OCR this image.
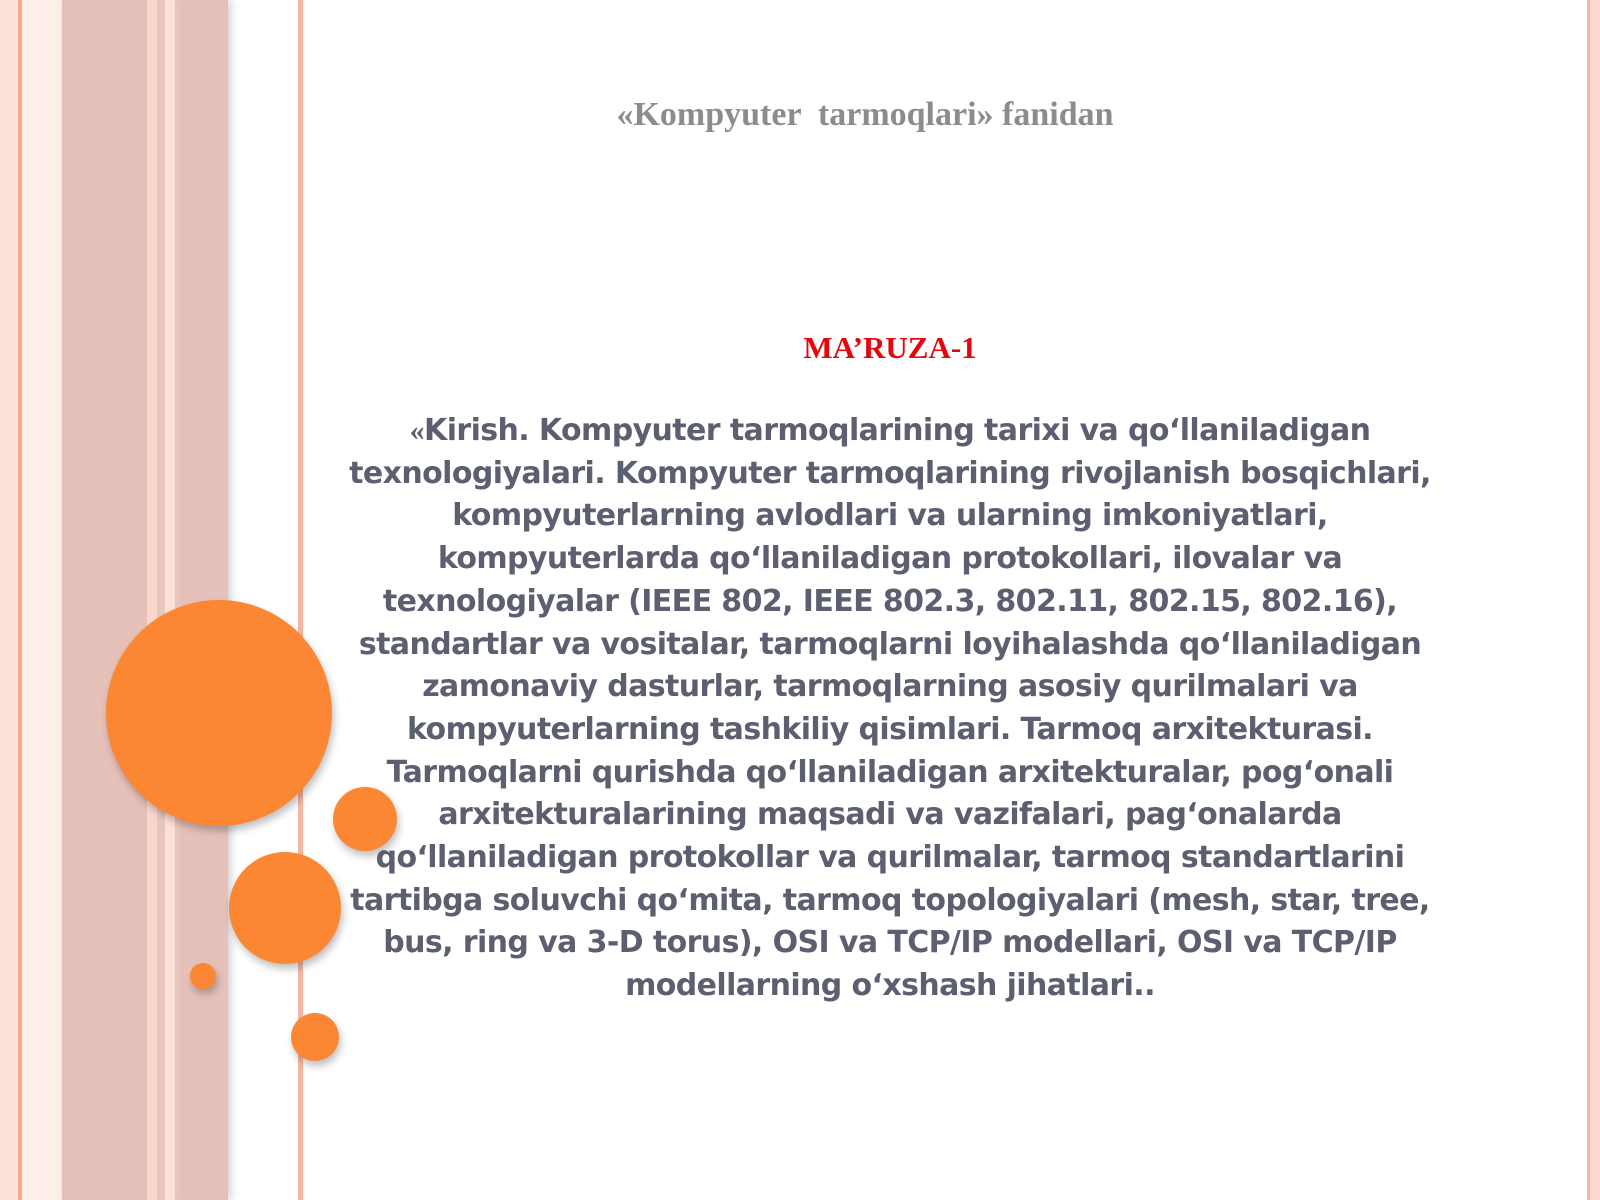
«Kompyuter  tarmoqlari» fanidan
MA’RUZA-1
«Kirish. Kompyuter tarmoqlarining tarixi va qo‘llaniladigan texnologiyalari. Kompyuter tarmoqlarining rivojlanish bosqichlari, kompyuterlarning avlodlari va ularning imkoniyatlari, kompyuterlarda qo‘llaniladigan protokollari, ilovalar va texnologiyalar (IEEE 802, IEEE 802.3, 802.11, 802.15, 802.16), standartlar va vositalar, tarmoqlarni loyihalashda qo‘llaniladigan zamonaviy dasturlar, tarmoqlarning asosiy qurilmalari va kompyuterlarning tashkiliy qisimlari. Tarmoq arxitekturasi. Tarmoqlarni qurishda qo‘llaniladigan arxitekturalar, pog‘onali arxitekturalarining maqsadi va vazifalari, pag‘onalarda qo‘llaniladigan protokollar va qurilmalar, tarmoq standartlarini tartibga soluvchi qo‘mita, tarmoq topologiyalari (mesh, star, tree, bus, ring va 3-D torus), OSI va TCP/IP modellari, OSI va TCP/IP modellarning o‘xshash jihatlari..
